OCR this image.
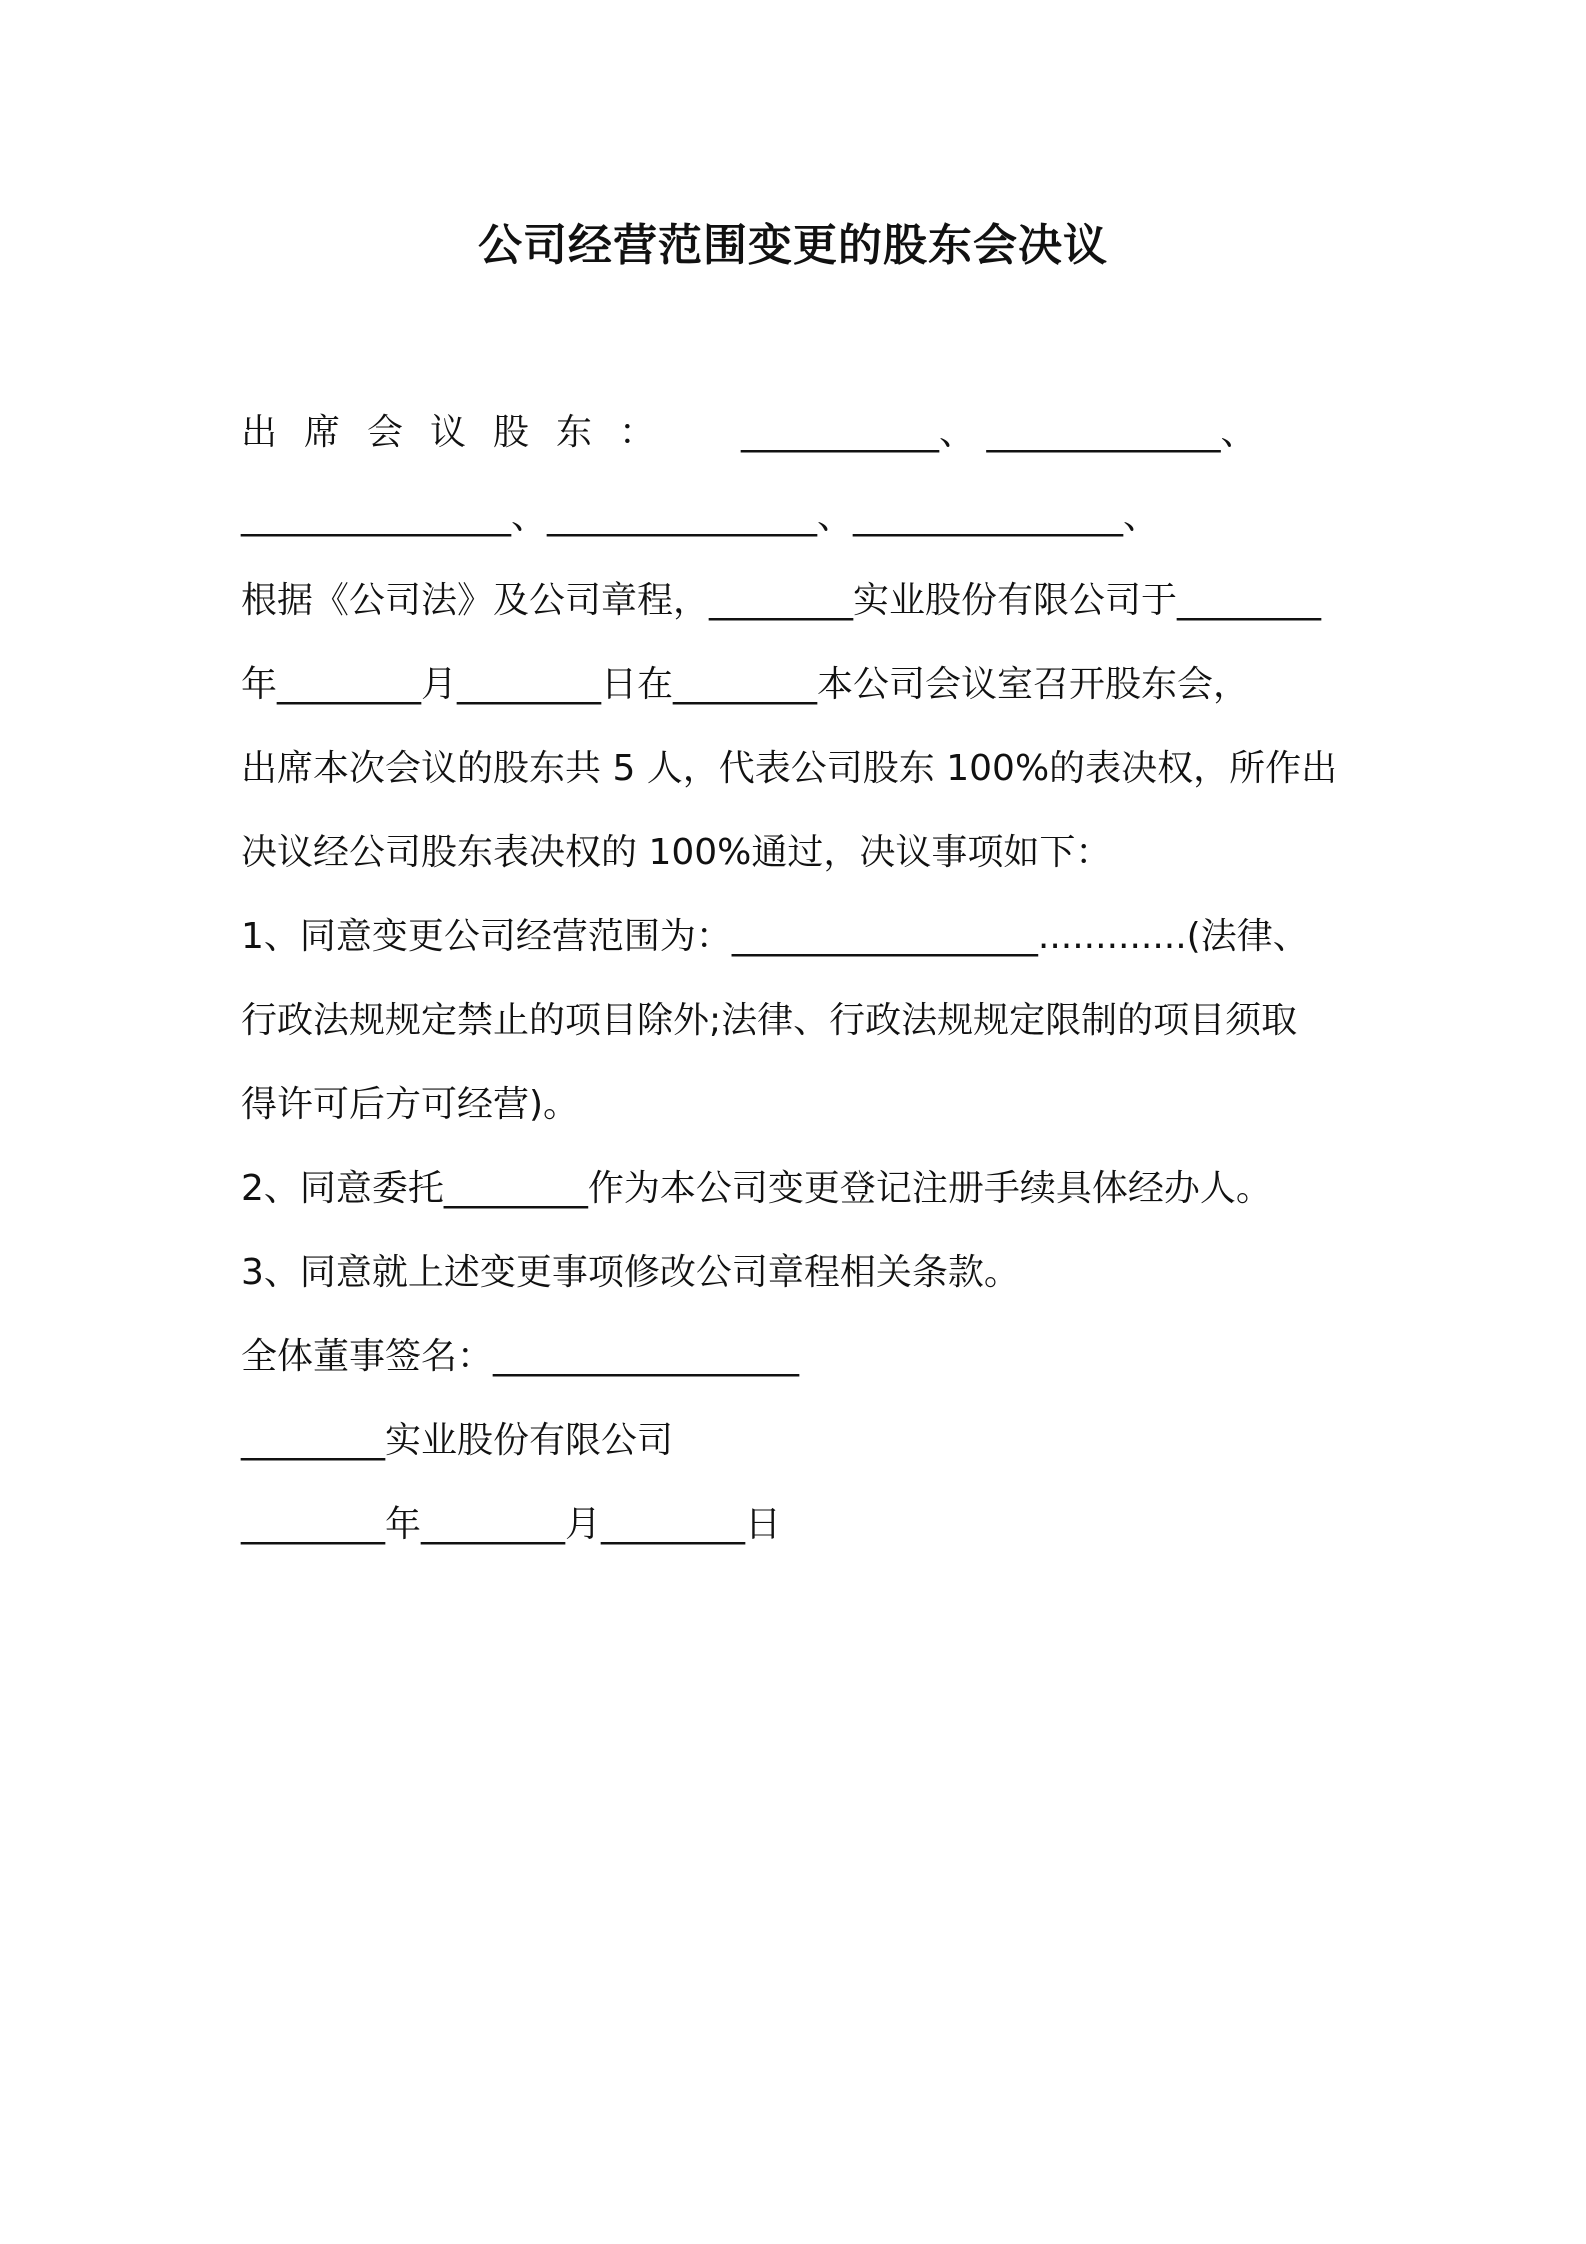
公司经营范围变更的股东会决议
出席会议股东： ___________、 _____________、
_______________、_______________、_______________、
根据《公司法》及公司章程，________实业股份有限公司于________
年________月________日在________本公司会议室召开股东会，
出席本次会议的股东共 5 人，代表公司股东 100%的表决权，所作出
决议经公司股东表决权的 100%通过，决议事项如下：
1、同意变更公司经营范围为：_________________.............(法律、
行政法规规定禁止的项目除外;法律、行政法规规定限制的项目须取
得许可后方可经营)。
2、同意委托________作为本公司变更登记注册手续具体经办人。
3、同意就上述变更事项修改公司章程相关条款。
全体董事签名：_________________
________实业股份有限公司
________年________月________日
